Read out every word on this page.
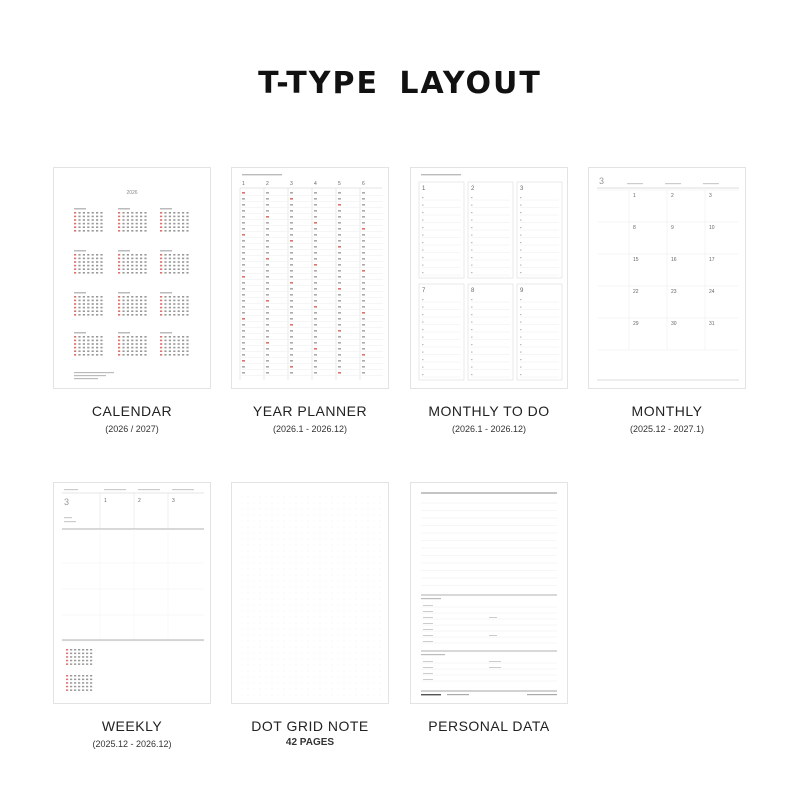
T-TYPE LAYOUT
2026
CALENDAR
(2026 / 2027)
1	2	3	4	5	6
YEAR PLANNER
(2026.1 - 2026.12)
1	2	3
7	8	9
MONTHLY TO DO
(2026.1 - 2026.12)
3
1	2	3
8	9	10
15	16	17
22	23	24
29	30	31
MONTHLY
(2025.12 - 2027.1)
3	1	2	3
WEEKLY
(2025.12 - 2026.12)
DOT GRID NOTE
42 PAGES
PERSONAL DATA
